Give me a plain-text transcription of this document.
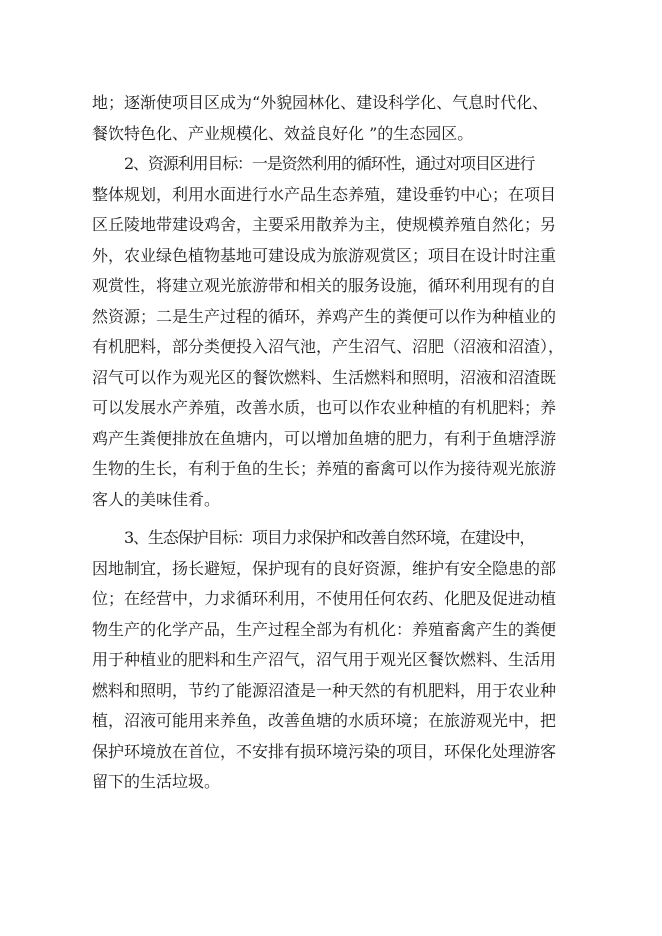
地；逐渐使项目区成为“外貌园林化、建设科学化、气息时代化、
餐饮特色化、产业规模化、效益良好化 ”的生态园区。

2、资源利用目标：一是资然利用的循环性，通过对项目区进行
整体规划，利用水面进行水产品生态养殖，建设垂钓中心；在项目
区丘陵地带建设鸡舍，主要采用散养为主，使规模养殖自然化；另
外，农业绿色植物基地可建设成为旅游观赏区；项目在设计时注重
观赏性，将建立观光旅游带和相关的服务设施，循环利用现有的自
然资源；二是生产过程的循环，养鸡产生的粪便可以作为种植业的
有机肥料，部分类便投入沼气池，产生沼气、沼肥（沼液和沼渣），
沼气可以作为观光区的餐饮燃料、生活燃料和照明，沼液和沼渣既
可以发展水产养殖，改善水质，也可以作农业种植的有机肥料；养
鸡产生粪便排放在鱼塘内，可以增加鱼塘的肥力，有利于鱼塘浮游
生物的生长，有利于鱼的生长；养殖的畜禽可以作为接待观光旅游
客人的美味佳肴。

3、生态保护目标：项目力求保护和改善自然环境，在建设中，
因地制宜，扬长避短，保护现有的良好资源，维护有安全隐患的部
位；在经营中，力求循环利用，不使用任何农药、化肥及促进动植
物生产的化学产品，生产过程全部为有机化：养殖畜禽产生的粪便
用于种植业的肥料和生产沼气，沼气用于观光区餐饮燃料、生活用
燃料和照明，节约了能源沼渣是一种天然的有机肥料，用于农业种
植，沼液可能用来养鱼，改善鱼塘的水质环境；在旅游观光中，把
保护环境放在首位，不安排有损环境污染的项目，环保化处理游客
留下的生活垃圾。
